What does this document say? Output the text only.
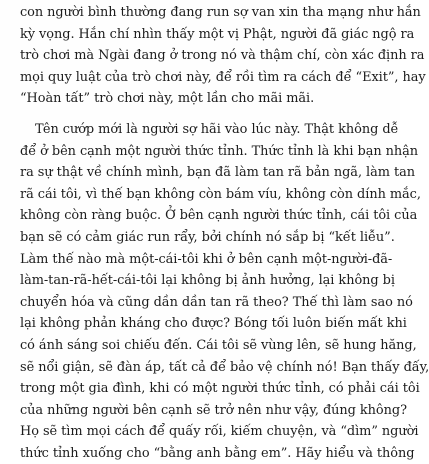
con người bình thường đang run sợ van xin tha mạng như hắn
kỳ vọng. Hắn chí nhìn thấy một vị Phật, người đã giác ngộ ra
trò chơi mà Ngài đang ở trong nó và thậm chí, còn xác định ra
mọi quy luật của trò chơi này, để rồi tìm ra cách để “Exit”, hay
“Hoàn tất” trò chơi này, một lần cho mãi mãi.
Tên cướp mới là người sợ hãi vào lúc này. Thật không dễ
để ở bên cạnh một người thức tỉnh. Thức tỉnh là khi bạn nhận
ra sự thật về chính mình, bạn đã làm tan rã bản ngã, làm tan
rã cái tôi, vì thế bạn không còn bám víu, không còn dính mắc,
không còn ràng buộc. Ở bên cạnh người thức tỉnh, cái tôi của
bạn sẽ có cảm giác run rẩy, bởi chính nó sắp bị “kết liễu”.
Làm thế nào mà một-cái-tôi khi ở bên cạnh một-người-đã-
làm-tan-rã-hết-cái-tôi lại không bị ảnh hưởng, lại không bị
chuyển hóa và cũng dần dần tan rã theo? Thế thì làm sao nó
lại không phản kháng cho được? Bóng tối luôn biến mất khi
có ánh sáng soi chiếu đến. Cái tôi sẽ vùng lên, sẽ hung hăng,
sẽ nổi giận, sẽ đàn áp, tất cả để bảo vệ chính nó! Bạn thấy đấy,
trong một gia đình, khi có một người thức tỉnh, có phải cái tôi
của những người bên cạnh sẽ trở nên như vậy, đúng không?
Họ sẽ tìm mọi cách để quấy rối, kiếm chuyện, và “dìm” người
thức tỉnh xuống cho “bằng anh bằng em”. Hãy hiểu và thông
